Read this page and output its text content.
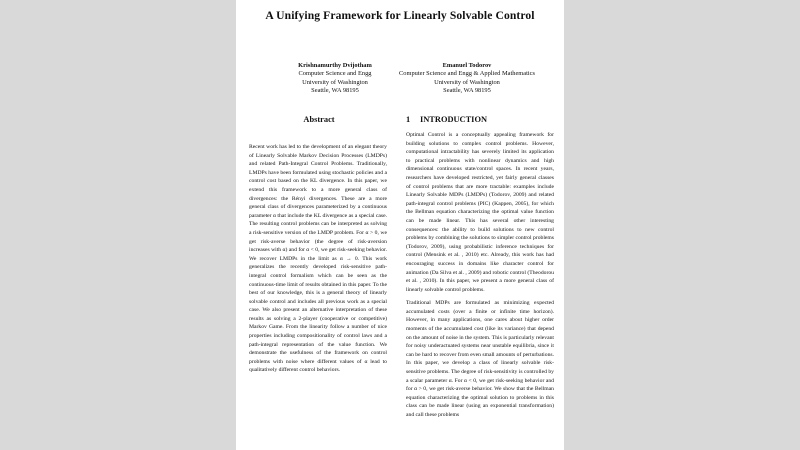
A Unifying Framework for Linearly Solvable Control
Krishnamurthy Dvijotham
Computer Science and Engg
University of Washington
Seattle, WA 98195
Emanuel Todorov
Computer Science and Engg & Applied Mathematics
University of Washington
Seattle, WA 98195
Abstract	1 INTRODUCTION

Recent work has led to the development of an elegant theory of Linearly Solvable Markov Decision Processes (LMDPs) and related Path-Integral Control Problems. Traditionally, LMDPs have been formulated using stochastic policies and a control cost based on the KL divergence. In this paper, we extend this framework to a more general class of divergences: the Rényi divergences. These are a more general class of divergences parameterized by a continuous parameter α that include the KL divergence as a special case. The resulting control problems can be interpreted as solving a risk-sensitive version of the LMDP problem. For α > 0, we get risk-averse behavior (the degree of risk-aversion increases with α) and for α < 0, we get risk-seeking behavior. We recover LMDPs in the limit as α → 0. This work generalizes the recently developed risk-sensitive path-integral control formalism which can be seen as the continuous-time limit of results obtained in this paper. To the best of our knowledge, this is a general theory of linearly solvable control and includes all previous work as a special case. We also present an alternative interpretation of these results as solving a 2-player (cooperative or competitive) Markov Game. From the linearity follow a number of nice properties including compositionality of control laws and a path-integral representation of the value function. We demonstrate the usefulness of the framework on control problems with noise where different values of α lead to qualitatively different control behaviors.

Optimal Control is a conceptually appealing framework for building solutions to complex control problems. However, computational intractability has severely limited its application to practical problems with nonlinear dynamics and high dimensional continuous state/control spaces. In recent years, researchers have developed restricted, yet fairly general classes of control problems that are more tractable: examples include Linearly Solvable MDPs (LMDPs) (Todorov, 2009) and related path-integral control problems (PIC) (Kappen, 2005), for which the Bellman equation characterizing the optimal value function can be made linear. This has several other interesting consequences: the ability to build solutions to new control problems by combining the solutions to simpler control problems (Todorov, 2009), using probabilistic inference techniques for control (Mensink et al. , 2010) etc. Already, this work has had encouraging success in domains like character control for animation (Da Silva et al. , 2009) and robotic control (Theodorou et al. , 2010). In this paper, we present a more general class of linearly solvable control problems.

Traditional MDPs are formulated as minimizing expected accumulated costs (over a finite or infinite time horizon). However, in many applications, one cares about higher order moments of the accumulated cost (like its variance) that depend on the amount of noise in the system. This is particularly relevant for noisy underactuated systems near unstable equilibria, since it can be hard to recover from even small amounts of perturbations. In this paper, we develop a class of linearly solvable risk-sensitive problems. The degree of risk-sensitivity is controlled by a scalar parameter α. For α < 0, we get risk-seeking behavior and for α > 0, we get risk-averse behavior. We show that the Bellman equation characterizing the optimal solution to problems in this class can be made linear (using an exponential transformation) and call these problems
